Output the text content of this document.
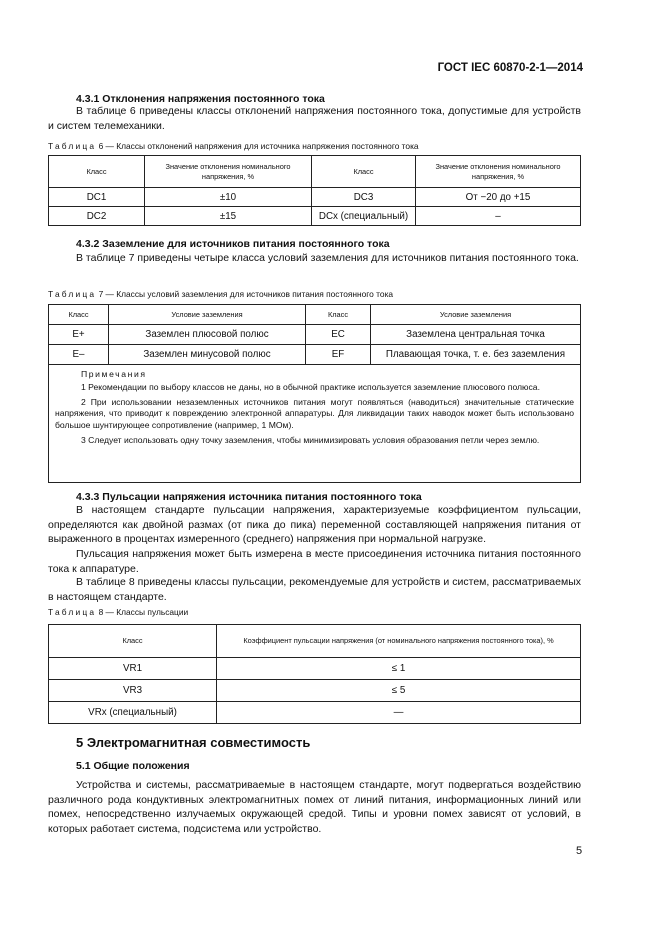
ГОСТ IEC 60870-2-1—2014
4.3.1 Отклонения напряжения постоянного тока
В таблице 6 приведены классы отклонений напряжения постоянного тока, допустимые для устройств и систем телемеханики.
Таблица 6 — Классы отклонений напряжения для источника напряжения постоянного тока
Класс	Значение отклонения номинального напряжения, %	Класс	Значение отклонения номинального напряжения, %
DC1	±10	DC3	От −20 до +15
DC2	±15	DCx (специальный)	–
4.3.2 Заземление для источников питания постоянного тока
В таблице 7 приведены четыре класса условий заземления для источников питания постоянного тока.
Таблица 7 — Классы условий заземления для источников питания постоянного тока
Класс	Условие заземления	Класс	Условие заземления
E+	Заземлен плюсовой полюс	EC	Заземлена центральная точка
E–	Заземлен минусовой полюс	EF	Плавающая точка, т. е. без заземления

Примечания
1 Рекомендации по выбору классов не даны, но в обычной практике используется заземление плюсового полюса.
2 При использовании незаземленных источников питания могут появляться (наводиться) значительные статические напряжения, что приводит к повреждению электронной аппаратуры. Для ликвидации таких наводок может быть использовано большое шунтирующее сопротивление (например, 1 МОм).
3 Следует использовать одну точку заземления, чтобы минимизировать условия образования петли через землю.			
4.3.3 Пульсации напряжения источника питания постоянного тока
В настоящем стандарте пульсации напряжения, характеризуемые коэффициентом пульсации, определяются как двойной размах (от пика до пика) переменной составляющей напряжения питания от выраженного в процентах измеренного (среднего) напряжения при нормальной нагрузке.
Пульсация напряжения может быть измерена в месте присоединения источника питания постоянного тока к аппаратуре.
В таблице 8 приведены классы пульсации, рекомендуемые для устройств и систем, рассматриваемых в настоящем стандарте.
Таблица 8 — Классы пульсации
Класс	Коэффициент пульсации напряжения (от номинального напряжения постоянного тока), %
VR1	≤ 1
VR3	≤ 5
VRx (специальный)	—
5 Электромагнитная совместимость
5.1 Общие положения
Устройства и системы, рассматриваемые в настоящем стандарте, могут подвергаться воздействию различного рода кондуктивных электромагнитных помех от линий питания, информационных линий или помех, непосредственно излучаемых окружающей средой. Типы и уровни помех зависят от условий, в которых работает система, подсистема или устройство.
5
